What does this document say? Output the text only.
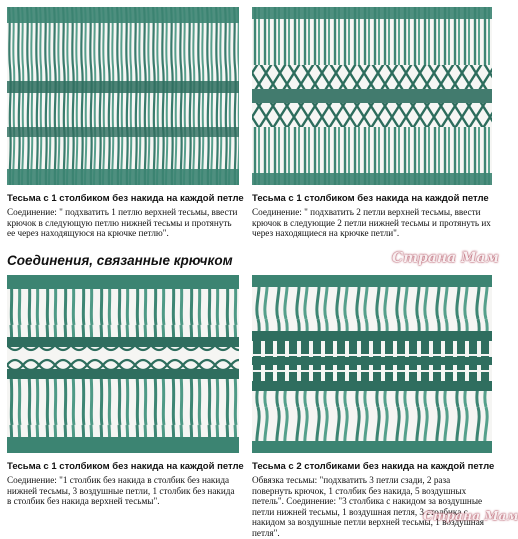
Тесьма с 1 столбиком без накида на каждой петле
Соединение: " подхватить 1 петлю верхней тесьмы, ввести крючок в следующую петлю нижней тесьмы и протянуть ее через находящуюся на крючке петлю".
Тесьма с 1 столбиком без накида на каждой петле
Соединение: " подхватить 2 петли верхней тесьмы, ввести крючок в следующие 2 петли нижней тесьмы и протянуть их через находящиеся на крючке петли".
Соединения, связанные крючком	Страна Мам
Тесьма с 1 столбиком без накида на каждой петле
Соединение: "1 столбик без накида в столбик без накида нижней тесьмы, 3 воздушные петли, 1 столбик без накида в столбик без накида верхней тесьмы".
Тесьма с 2 столбиками без накида на каждой петле
Обвязка тесьмы: "подхватить 3 петли сзади, 2 раза повернуть крючок, 1 столбик без накида, 5 воздушных петель". Соединение: "3 столбика с накидом за воздушные петли нижней тесьмы, 1 воздушная петля, 3 столбика с накидом за воздушные петли верхней тесьмы, 1 воздушная петля".
Страна Мам
